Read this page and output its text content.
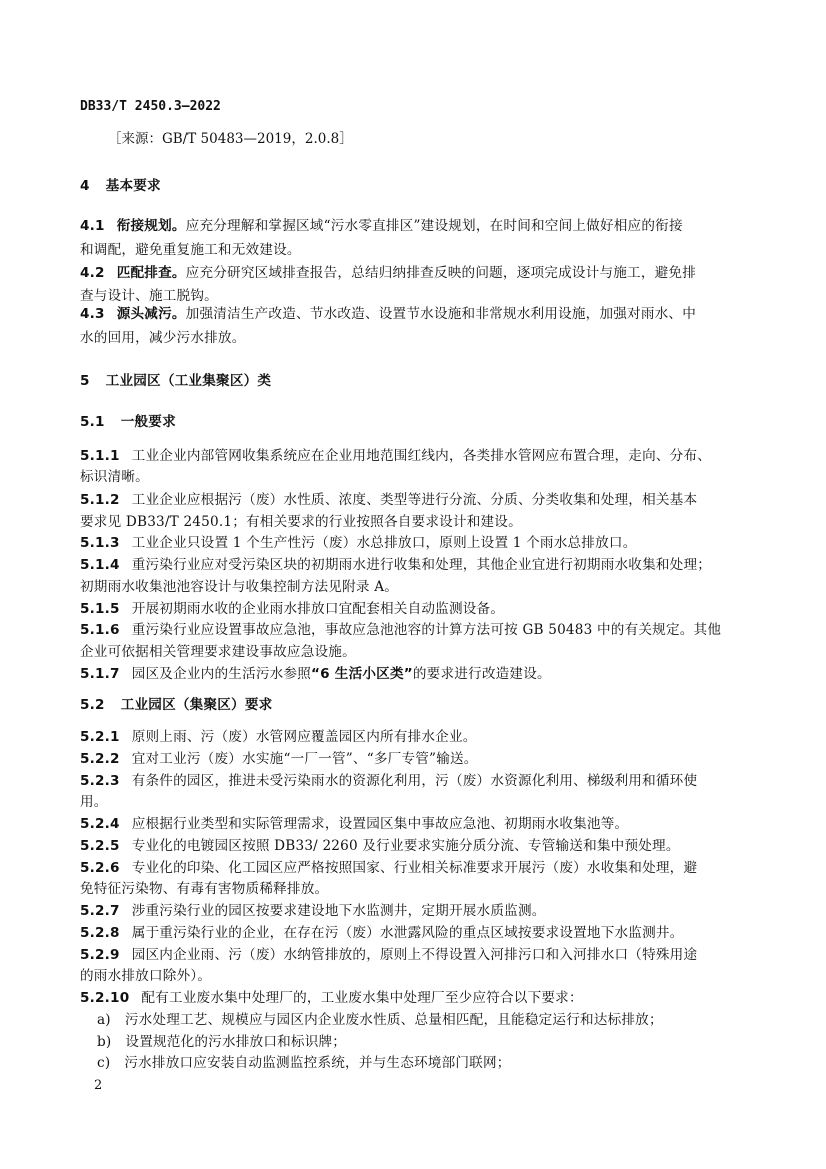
DB33/T 2450.3—2022
［来源：GB/T 50483—2019，2.0.8］
4 基本要求
4.1 衔接规划。应充分理解和掌握区域“污水零直排区”建设规划，在时间和空间上做好相应的衔接
和调配，避免重复施工和无效建设。
4.2 匹配排查。应充分研究区域排查报告，总结归纳排查反映的问题，逐项完成设计与施工，避免排
查与设计、施工脱钩。
4.3 源头减污。加强清洁生产改造、节水改造、设置节水设施和非常规水利用设施，加强对雨水、中
水的回用，减少污水排放。
5 工业园区（工业集聚区）类
5.1 一般要求
5.1.1 工业企业内部管网收集系统应在企业用地范围红线内，各类排水管网应布置合理，走向、分布、
标识清晰。
5.1.2 工业企业应根据污（废）水性质、浓度、类型等进行分流、分质、分类收集和处理，相关基本
要求见 DB33/T 2450.1；有相关要求的行业按照各自要求设计和建设。
5.1.3 工业企业只设置 1 个生产性污（废）水总排放口，原则上设置 1 个雨水总排放口。
5.1.4 重污染行业应对受污染区块的初期雨水进行收集和处理，其他企业宜进行初期雨水收集和处理；
初期雨水收集池池容设计与收集控制方法见附录 A。
5.1.5 开展初期雨水收的企业雨水排放口宜配套相关自动监测设备。
5.1.6 重污染行业应设置事故应急池，事故应急池池容的计算方法可按 GB 50483 中的有关规定。其他
企业可依据相关管理要求建设事故应急设施。
5.1.7 园区及企业内的生活污水参照“6 生活小区类”的要求进行改造建设。
5.2 工业园区（集聚区）要求
5.2.1 原则上雨、污（废）水管网应覆盖园区内所有排水企业。
5.2.2 宜对工业污（废）水实施“一厂一管”、“多厂专管”输送。
5.2.3 有条件的园区，推进未受污染雨水的资源化利用，污（废）水资源化利用、梯级利用和循环使
用。
5.2.4 应根据行业类型和实际管理需求，设置园区集中事故应急池、初期雨水收集池等。
5.2.5 专业化的电镀园区按照 DB33/ 2260 及行业要求实施分质分流、专管输送和集中预处理。
5.2.6 专业化的印染、化工园区应严格按照国家、行业相关标准要求开展污（废）水收集和处理，避
免特征污染物、有毒有害物质稀释排放。
5.2.7 涉重污染行业的园区按要求建设地下水监测井，定期开展水质监测。
5.2.8 属于重污染行业的企业，在存在污（废）水泄露风险的重点区域按要求设置地下水监测井。
5.2.9 园区内企业雨、污（废）水纳管排放的，原则上不得设置入河排污口和入河排水口（特殊用途
的雨水排放口除外）。
5.2.10 配有工业废水集中处理厂的，工业废水集中处理厂至少应符合以下要求：
a) 污水处理工艺、规模应与园区内企业废水性质、总量相匹配，且能稳定运行和达标排放；
b) 设置规范化的污水排放口和标识牌；
c) 污水排放口应安装自动监测监控系统，并与生态环境部门联网；
2
